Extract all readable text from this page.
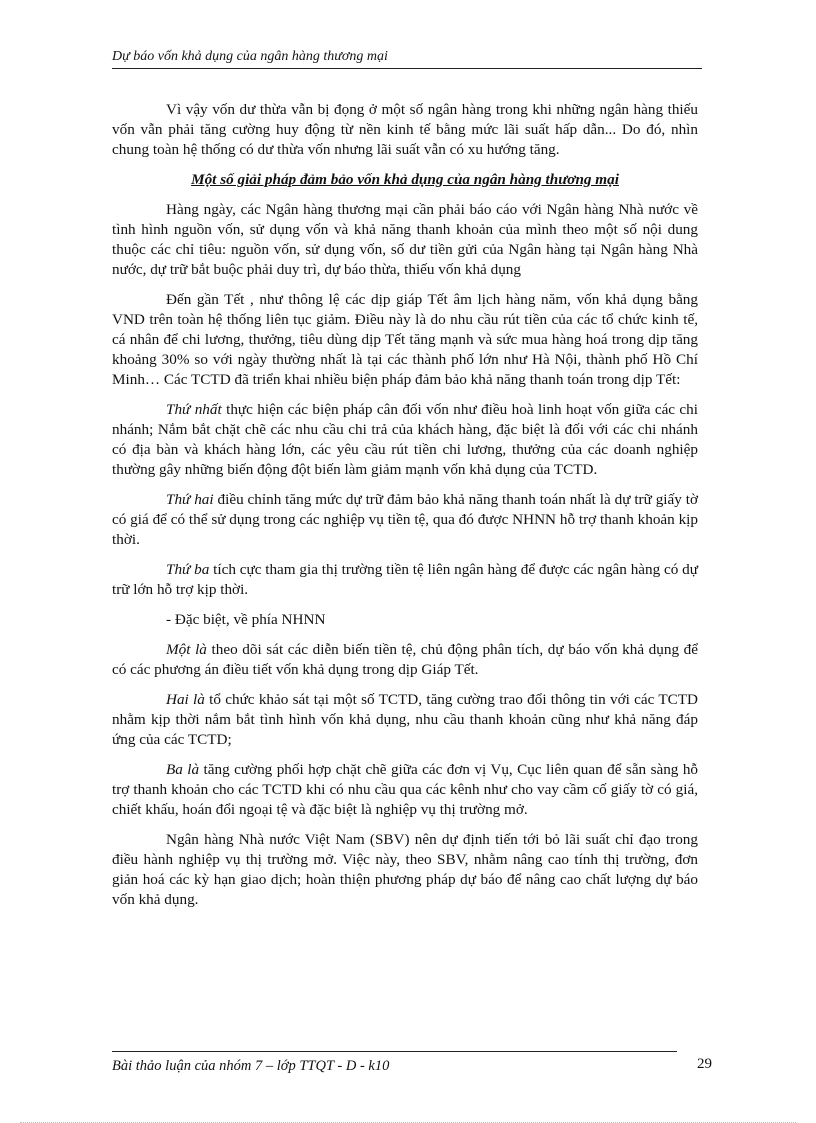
Dự báo vốn khả dụng của ngân hàng thương mại

Vì vậy vốn dư thừa vẫn bị đọng ở một số ngân hàng trong khi những ngân hàng thiếu vốn vẫn phải tăng cường huy động từ nền kinh tế bằng mức lãi suất hấp dẫn... Do đó, nhìn chung toàn hệ thống có dư thừa vốn nhưng lãi suất vẫn có xu hướng tăng.

Một số giải pháp đảm bảo vốn khả dụng của ngân hàng thương mại

Hàng ngày, các Ngân hàng thương mại cần phải báo cáo với Ngân hàng Nhà nước về tình hình nguồn vốn, sử dụng vốn và khả năng thanh khoản của mình theo một số nội dung thuộc các chỉ tiêu: nguồn vốn, sử dụng vốn, số dư tiền gửi của Ngân hàng tại Ngân hàng Nhà nước, dự trữ bắt buộc phải duy trì, dự báo thừa, thiếu vốn khả dụng

Đến gần Tết , như thông lệ các dịp giáp Tết âm lịch hàng năm, vốn khả dụng bằng VND trên toàn hệ thống liên tục giảm. Điều này là do nhu cầu rút tiền của các tổ chức kinh tế, cá nhân để chi lương, thưởng, tiêu dùng dịp Tết tăng mạnh và sức mua hàng hoá trong dịp tăng khoảng 30% so với ngày thường nhất là tại các thành phố lớn như Hà Nội, thành phố Hồ Chí Minh… Các TCTD đã triển khai nhiều biện pháp đảm bảo khả năng thanh toán trong dịp Tết:

Thứ nhất thực hiện các biện pháp cân đối vốn như điều hoà linh hoạt vốn giữa các chi nhánh; Nắm bắt chặt chẽ các nhu cầu chi trả của khách hàng, đặc biệt là đối với các chi nhánh có địa bàn và khách hàng lớn, các yêu cầu rút tiền chi lương, thưởng của các doanh nghiệp thường gây những biến động đột biến làm giảm mạnh vốn khả dụng của TCTD.

Thứ hai điều chỉnh tăng mức dự trữ đảm bảo khả năng thanh toán nhất là dự trữ giấy tờ có giá để có thể sử dụng trong các nghiệp vụ tiền tệ, qua đó được NHNN hỗ trợ thanh khoản kịp thời.

Thứ ba tích cực tham gia thị trường tiền tệ liên ngân hàng để được các ngân hàng có dự trữ lớn hỗ trợ kịp thời.

- Đặc biệt, về phía NHNN

Một là theo dõi sát các diễn biến tiền tệ, chủ động phân tích, dự báo vốn khả dụng để có các phương án điều tiết vốn khả dụng trong dịp Giáp Tết.

Hai là tổ chức khảo sát tại một số TCTD, tăng cường trao đổi thông tin với các TCTD nhằm kịp thời nắm bắt tình hình vốn khả dụng, nhu cầu thanh khoản cũng như khả năng đáp ứng của các TCTD;

Ba là tăng cường phối hợp chặt chẽ giữa các đơn vị Vụ, Cục liên quan để sẵn sàng hỗ trợ thanh khoản cho các TCTD khi có nhu cầu qua các kênh như cho vay cầm cố giấy tờ có giá, chiết khấu, hoán đổi ngoại tệ và đặc biệt là nghiệp vụ thị trường mở.

Ngân hàng Nhà nước Việt Nam (SBV) nên dự định tiến tới bỏ lãi suất chỉ đạo trong điều hành nghiệp vụ thị trường mở. Việc này, theo SBV, nhằm nâng cao tính thị trường, đơn giản hoá các kỳ hạn giao dịch; hoàn thiện phương pháp dự báo để nâng cao chất lượng dự báo vốn khả dụng.

Bài thảo luận của nhóm 7 – lớp TTQT - D - k10	29
